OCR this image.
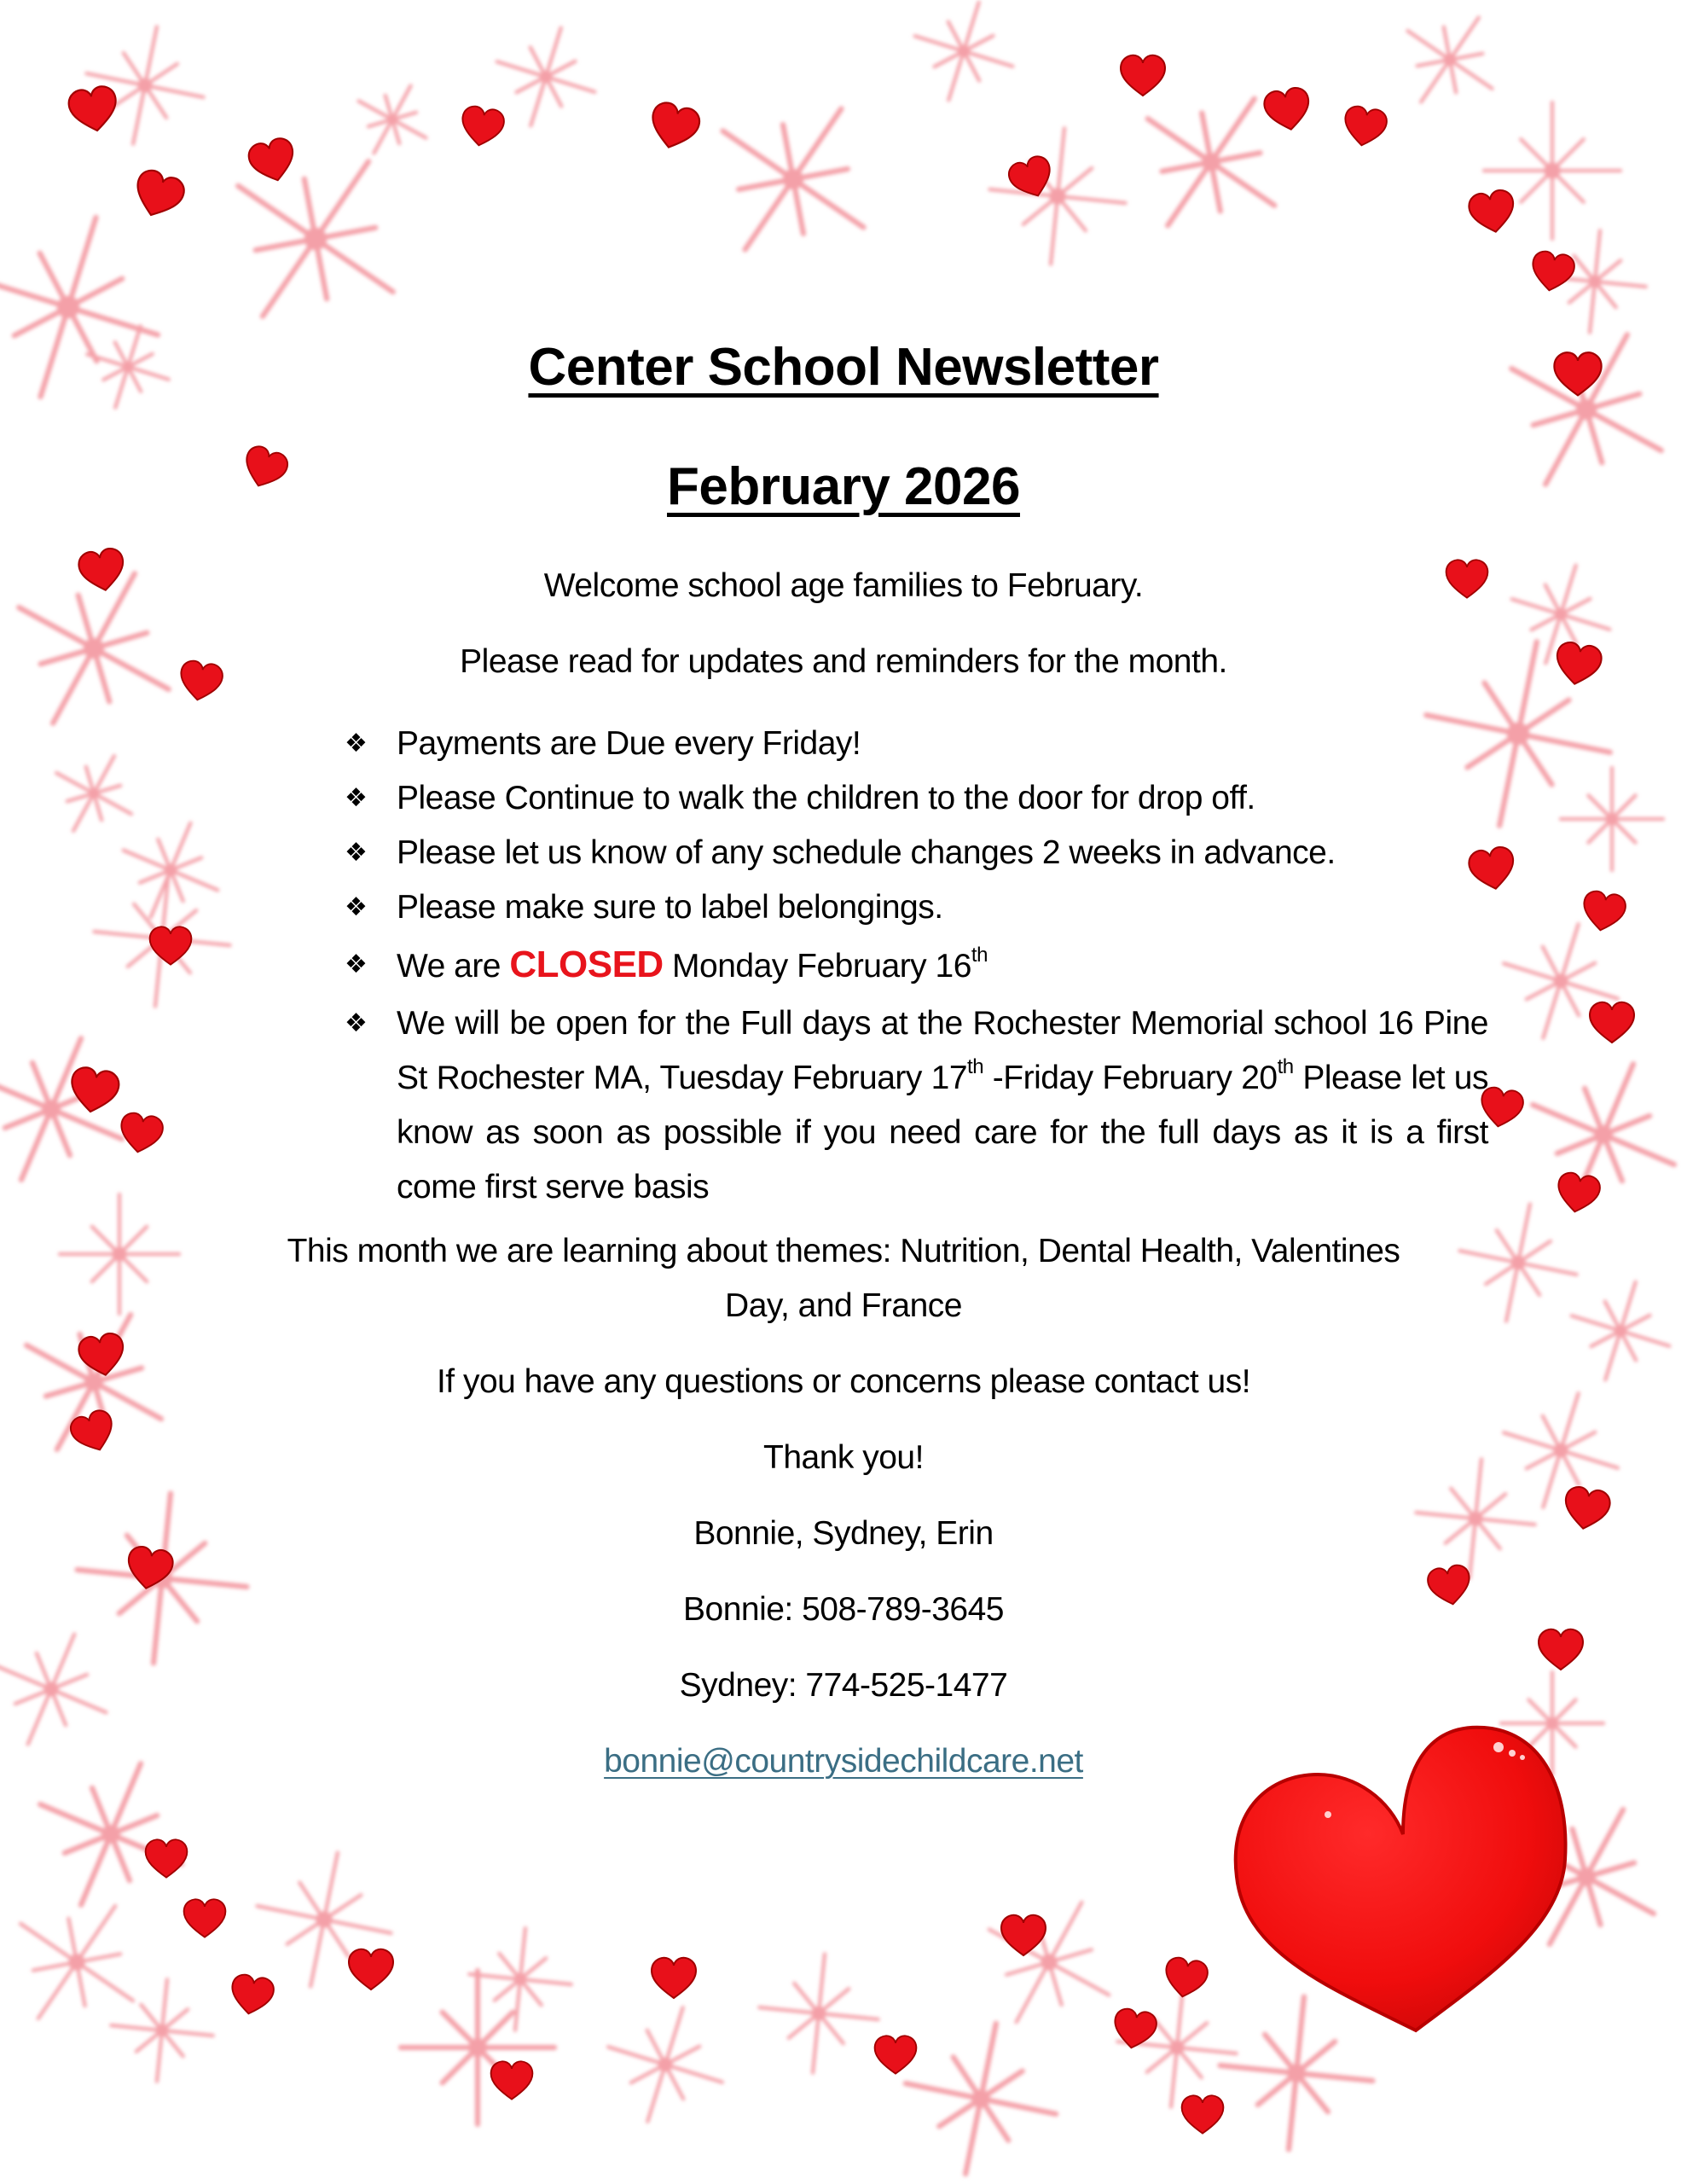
Center School Newsletter
February 2026
Welcome school age families to February.
Please read for updates and reminders for the month.
❖ Payments are Due every Friday!
❖ Please Continue to walk the children to the door for drop off.
❖ Please let us know of any schedule changes 2 weeks in advance.
❖ Please make sure to label belongings.
❖ We are CLOSED Monday February 16th
❖ We will be open for the Full days at the Rochester Memorial school 16 Pine St Rochester MA, Tuesday February 17th -Friday February 20th Please let us know as soon as possible if you need care for the full days as it is a first come first serve basis
This month we are learning about themes: Nutrition, Dental Health, Valentines
Day, and France
If you have any questions or concerns please contact us!
Thank you!
Bonnie, Sydney, Erin
Bonnie: 508-789-3645
Sydney: 774-525-1477
bonnie@countrysidechildcare.net
